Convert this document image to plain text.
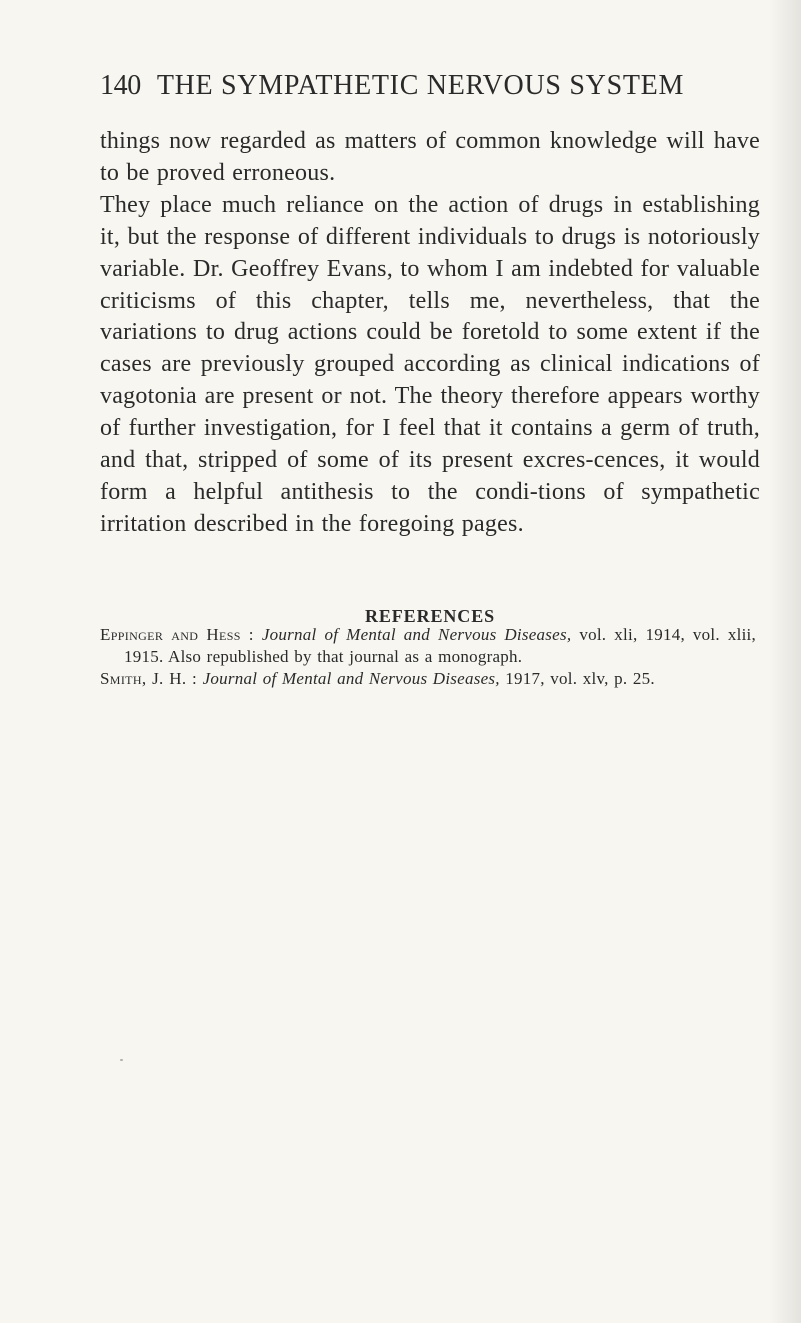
140 THE SYMPATHETIC NERVOUS SYSTEM

things now regarded as matters of common knowledge will have to be proved erroneous.

They place much reliance on the action of drugs in establishing it, but the response of different individuals to drugs is notoriously variable. Dr. Geoffrey Evans, to whom I am indebted for valuable criticisms of this chapter, tells me, nevertheless, that the variations to drug actions could be foretold to some extent if the cases are previously grouped according as clinical indications of vagotonia are present or not. The theory therefore appears worthy of further investigation, for I feel that it contains a germ of truth, and that, stripped of some of its present excres-cences, it would form a helpful antithesis to the condi-tions of sympathetic irritation described in the foregoing pages.

REFERENCES

Eppinger and Hess : Journal of Mental and Nervous Diseases, vol. xli, 1914, vol. xlii, 1915. Also republished by that journal as a monograph.

Smith, J. H. : Journal of Mental and Nervous Diseases, 1917, vol. xlv, p. 25.
